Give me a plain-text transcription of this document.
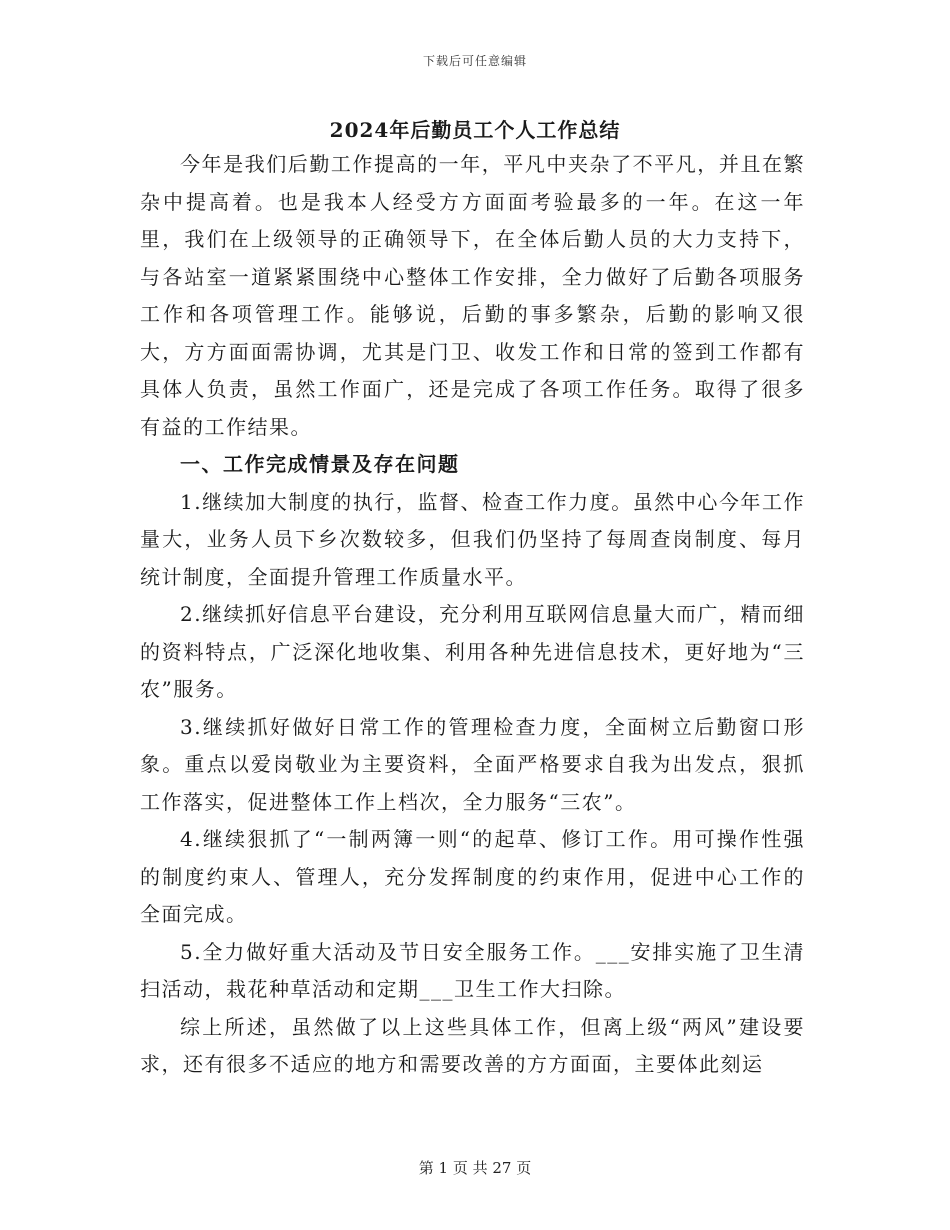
下载后可任意编辑
2024年后勤员工个人工作总结

今年是我们后勤工作提高的一年，平凡中夹杂了不平凡，并且在繁杂中提高着。也是我本人经受方方面面考验最多的一年。在这一年里，我们在上级领导的正确领导下，在全体后勤人员的大力支持下，与各站室一道紧紧围绕中心整体工作安排，全力做好了后勤各项服务工作和各项管理工作。能够说，后勤的事多繁杂，后勤的影响又很大，方方面面需协调，尤其是门卫、收发工作和日常的签到工作都有具体人负责，虽然工作面广，还是完成了各项工作任务。取得了很多有益的工作结果。

一、工作完成情景及存在问题

1.继续加大制度的执行，监督、检查工作力度。虽然中心今年工作量大，业务人员下乡次数较多，但我们仍坚持了每周查岗制度、每月统计制度，全面提升管理工作质量水平。

2.继续抓好信息平台建设，充分利用互联网信息量大而广，精而细的资料特点，广泛深化地收集、利用各种先进信息技术，更好地为“三农”服务。

3.继续抓好做好日常工作的管理检查力度，全面树立后勤窗口形象。重点以爱岗敬业为主要资料，全面严格要求自我为出发点，狠抓工作落实，促进整体工作上档次，全力服务“三农”。

4.继续狠抓了“一制两簿一则“的起草、修订工作。用可操作性强的制度约束人、管理人，充分发挥制度的约束作用，促进中心工作的全面完成。

5.全力做好重大活动及节日安全服务工作。___安排实施了卫生清扫活动，栽花种草活动和定期___卫生工作大扫除。

综上所述，虽然做了以上这些具体工作，但离上级“两风”建设要求，还有很多不适应的地方和需要改善的方方面面，主要体此刻运

第 1 页 共 27 页
